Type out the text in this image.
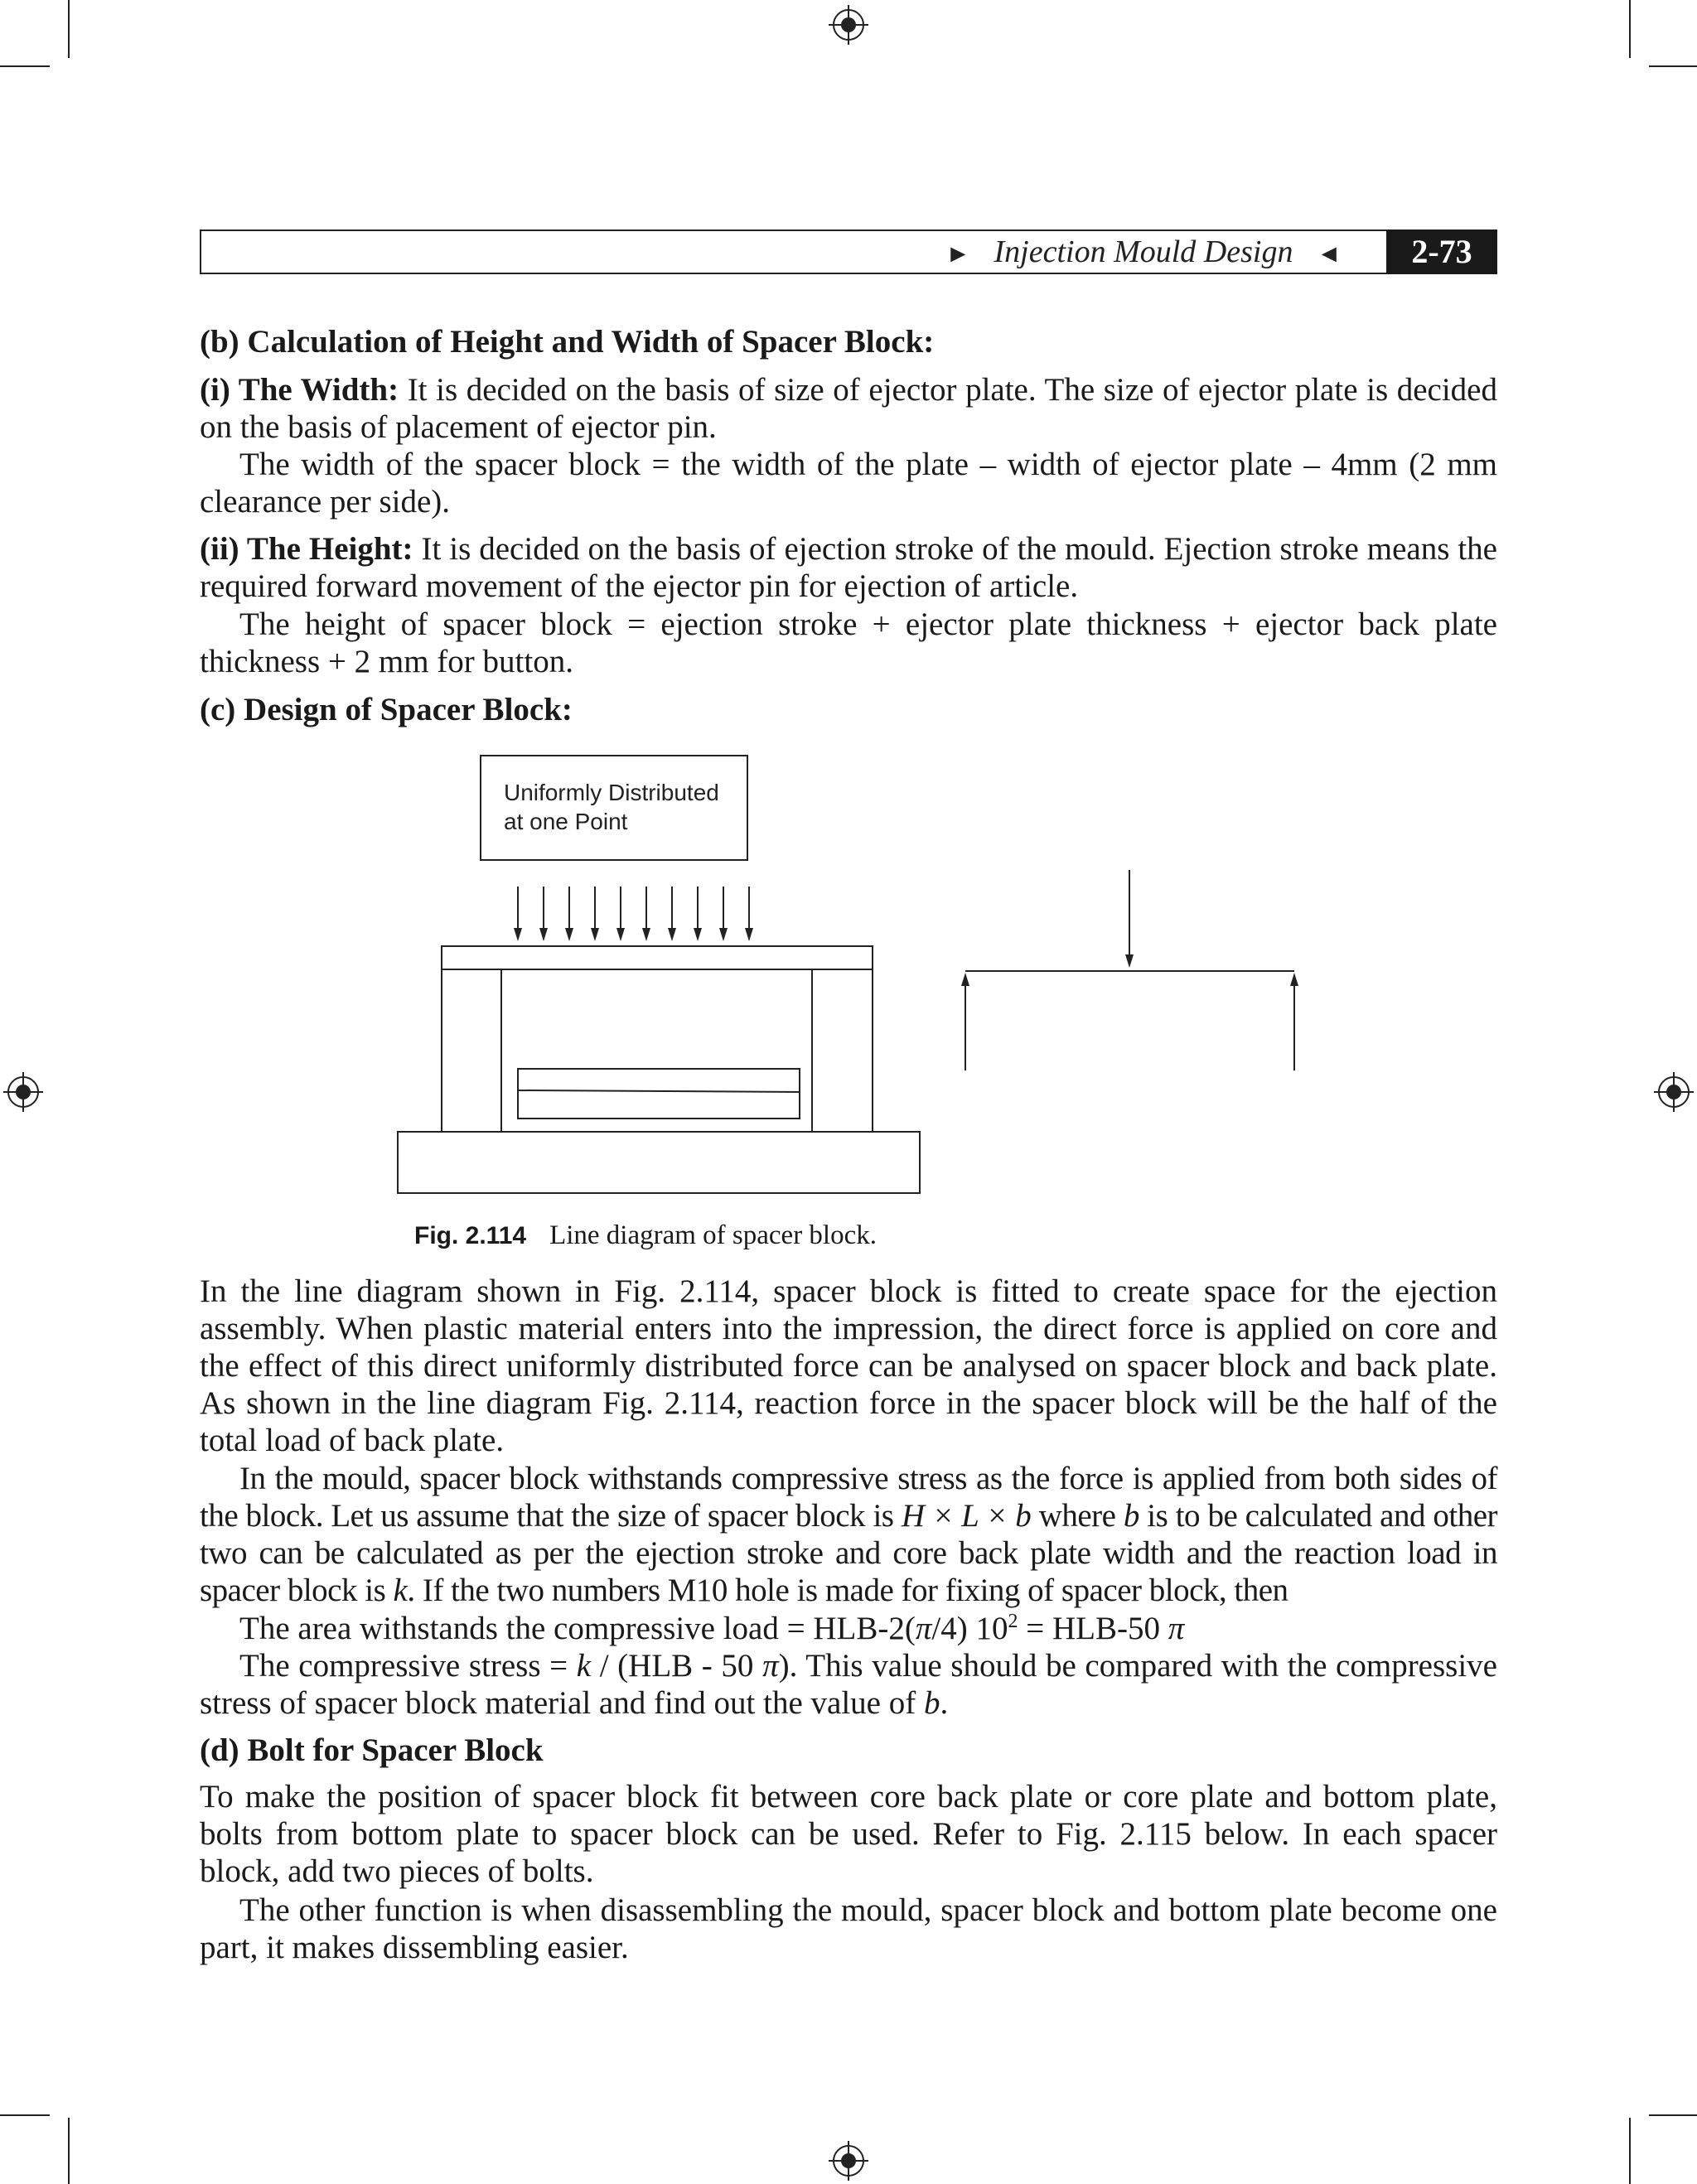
► Injection Mould Design ◄	2-73
(b) Calculation of Height and Width of Spacer Block:
(i) The Width: It is decided on the basis of size of ejector plate. The size of ejector plate is decided on the basis of placement of ejector pin.
The width of the spacer block = the width of the plate – width of ejector plate – 4mm (2 mm clearance per side).
(ii) The Height: It is decided on the basis of ejection stroke of the mould. Ejection stroke means the required forward movement of the ejector pin for ejection of article.
The height of spacer block = ejection stroke + ejector plate thickness + ejector back plate thickness + 2 mm for button.
(c) Design of Spacer Block:
Uniformly Distributed
at one Point
Fig. 2.114 Line diagram of spacer block.
In the line diagram shown in Fig. 2.114, spacer block is fitted to create space for the ejection assembly. When plastic material enters into the impression, the direct force is applied on core and the effect of this direct uniformly distributed force can be analysed on spacer block and back plate. As shown in the line diagram Fig. 2.114, reaction force in the spacer block will be the half of the total load of back plate.
In the mould, spacer block withstands compressive stress as the force is applied from both sides of the block. Let us assume that the size of spacer block is H × L × b where b is to be calculated and other two can be calculated as per the ejection stroke and core back plate width and the reaction load in spacer block is k. If the two numbers M10 hole is made for fixing of spacer block, then
The area withstands the compressive load = HLB-2(π/4) $10^2 = HLB-50$ π
The compressive stress = k / (HLB - 50 π). This value should be compared with the compressive stress of spacer block material and find out the value of b.
(d) Bolt for Spacer Block
To make the position of spacer block fit between core back plate or core plate and bottom plate, bolts from bottom plate to spacer block can be used. Refer to Fig. 2.115 below. In each spacer block, add two pieces of bolts.
The other function is when disassembling the mould, spacer block and bottom plate become one part, it makes dissembling easier.
